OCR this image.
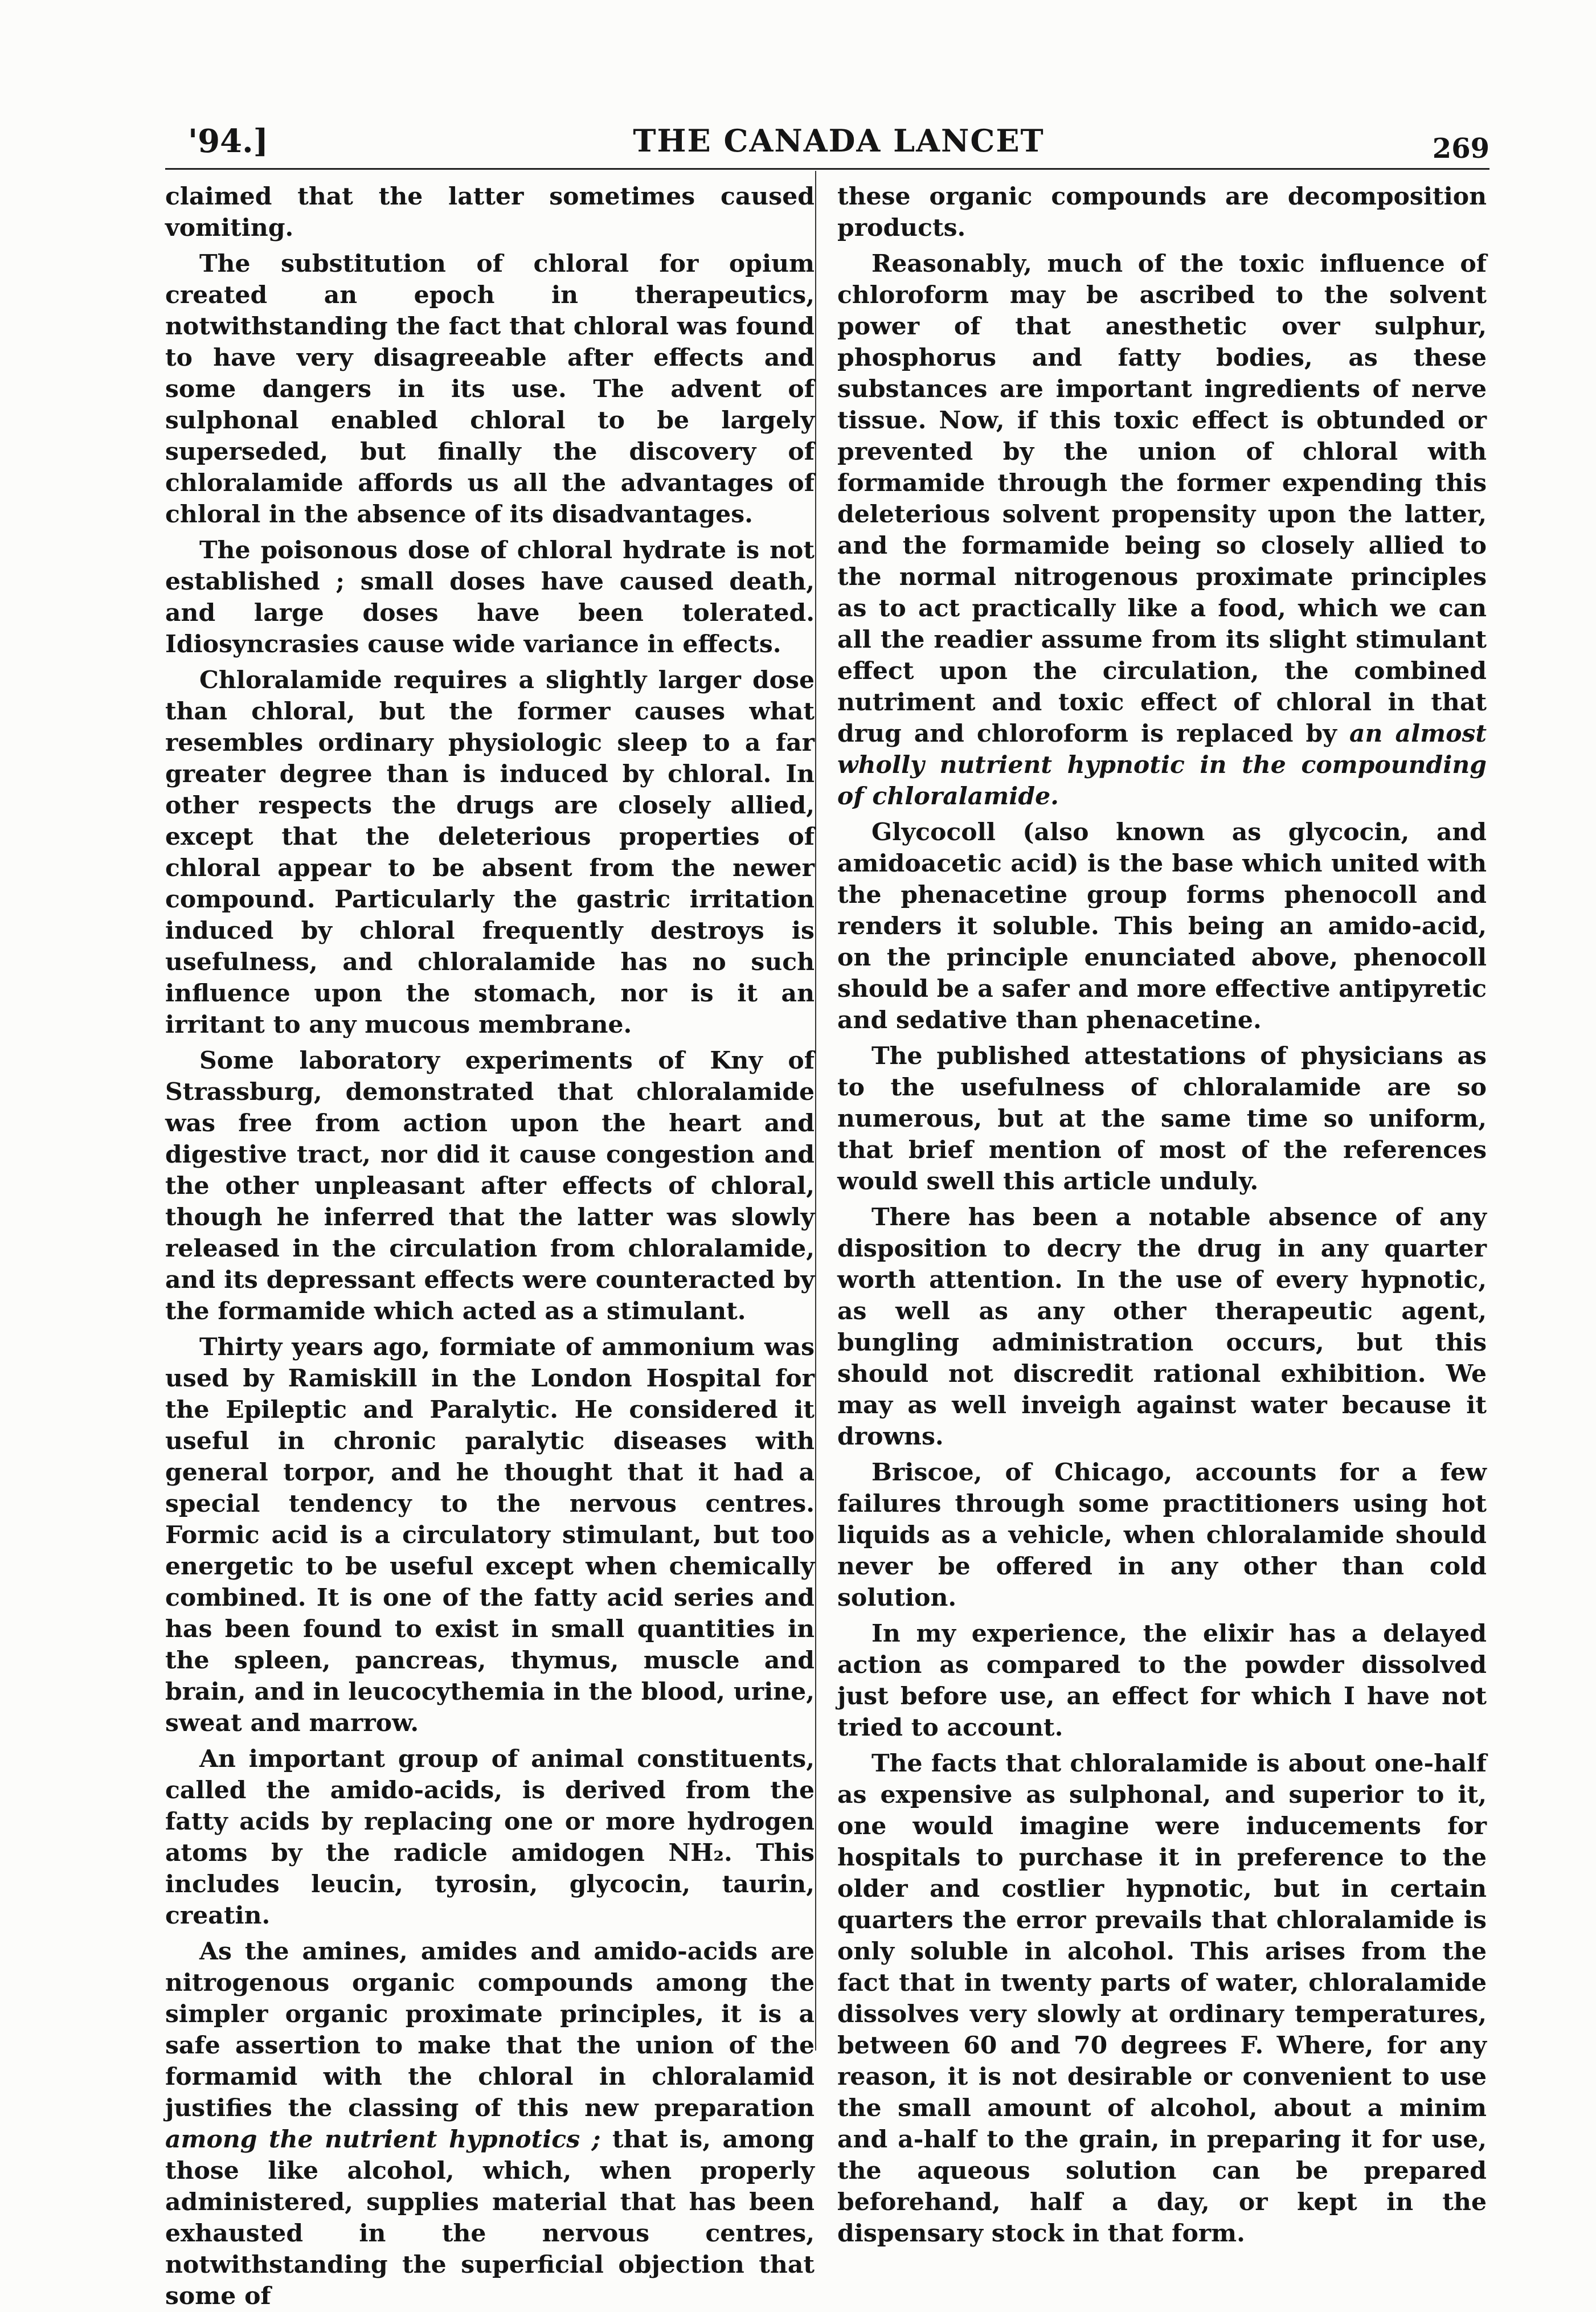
'94.]	THE CANADA LANCET	269

claimed that the latter sometimes caused vomiting.

The substitution of chloral for opium created an epoch in therapeutics, notwithstanding the fact that chloral was found to have very disagreeable after effects and some dangers in its use. The advent of sulphonal enabled chloral to be largely superseded, but finally the discovery of chloralamide affords us all the advantages of chloral in the absence of its disadvantages.

The poisonous dose of chloral hydrate is not established ; small doses have caused death, and large doses have been tolerated. Idiosyncrasies cause wide variance in effects.

Chloralamide requires a slightly larger dose than chloral, but the former causes what resembles ordinary physiologic sleep to a far greater degree than is induced by chloral. In other respects the drugs are closely allied, except that the deleterious properties of chloral appear to be absent from the newer compound. Particularly the gastric irritation induced by chloral frequently destroys is usefulness, and chloralamide has no such influence upon the stomach, nor is it an irritant to any mucous membrane.

Some laboratory experiments of Kny of Strassburg, demonstrated that chloralamide was free from action upon the heart and digestive tract, nor did it cause congestion and the other unpleasant after effects of chloral, though he inferred that the latter was slowly released in the circulation from chloralamide, and its depressant effects were counteracted by the formamide which acted as a stimulant.

Thirty years ago, formiate of ammonium was used by Ramiskill in the London Hospital for the Epileptic and Paralytic. He considered it useful in chronic paralytic diseases with general torpor, and he thought that it had a special tendency to the nervous centres. Formic acid is a circulatory stimulant, but too energetic to be useful except when chemically combined. It is one of the fatty acid series and has been found to exist in small quantities in the spleen, pancreas, thymus, muscle and brain, and in leucocythemia in the blood, urine, sweat and marrow.

An important group of animal constituents, called the amido-acids, is derived from the fatty acids by replacing one or more hydrogen atoms by the radicle amidogen NH₂. This includes leucin, tyrosin, glycocin, taurin, creatin.

As the amines, amides and amido-acids are nitrogenous organic compounds among the simpler organic proximate principles, it is a safe assertion to make that the union of the formamid with the chloral in chloralamid justifies the classing of this new preparation among the nutrient hypnotics ; that is, among those like alcohol, which, when properly administered, supplies material that has been exhausted in the nervous centres, notwithstanding the superficial objection that some of

these organic compounds are decomposition products.

Reasonably, much of the toxic influence of chloroform may be ascribed to the solvent power of that anesthetic over sulphur, phosphorus and fatty bodies, as these substances are important ingredients of nerve tissue. Now, if this toxic effect is obtunded or prevented by the union of chloral with formamide through the former expending this deleterious solvent propensity upon the latter, and the formamide being so closely allied to the normal nitrogenous proximate principles as to act practically like a food, which we can all the readier assume from its slight stimulant effect upon the circulation, the combined nutriment and toxic effect of chloral in that drug and chloroform is replaced by an almost wholly nutrient hypnotic in the compounding of chloralamide.

Glycocoll (also known as glycocin, and amidoacetic acid) is the base which united with the phenacetine group forms phenocoll and renders it soluble. This being an amido-acid, on the principle enunciated above, phenocoll should be a safer and more effective antipyretic and sedative than phenacetine.

The published attestations of physicians as to the usefulness of chloralamide are so numerous, but at the same time so uniform, that brief mention of most of the references would swell this article unduly.

There has been a notable absence of any disposition to decry the drug in any quarter worth attention. In the use of every hypnotic, as well as any other therapeutic agent, bungling administration occurs, but this should not discredit rational exhibition. We may as well inveigh against water because it drowns.

Briscoe, of Chicago, accounts for a few failures through some practitioners using hot liquids as a vehicle, when chloralamide should never be offered in any other than cold solution.

In my experience, the elixir has a delayed action as compared to the powder dissolved just before use, an effect for which I have not tried to account.

The facts that chloralamide is about one-half as expensive as sulphonal, and superior to it, one would imagine were inducements for hospitals to purchase it in preference to the older and costlier hypnotic, but in certain quarters the error prevails that chloralamide is only soluble in alcohol. This arises from the fact that in twenty parts of water, chloralamide dissolves very slowly at ordinary temperatures, between 60 and 70 degrees F. Where, for any reason, it is not desirable or convenient to use the small amount of alcohol, about a minim and a-half to the grain, in preparing it for use, the aqueous solution can be prepared beforehand, half a day, or kept in the dispensary stock in that form.
